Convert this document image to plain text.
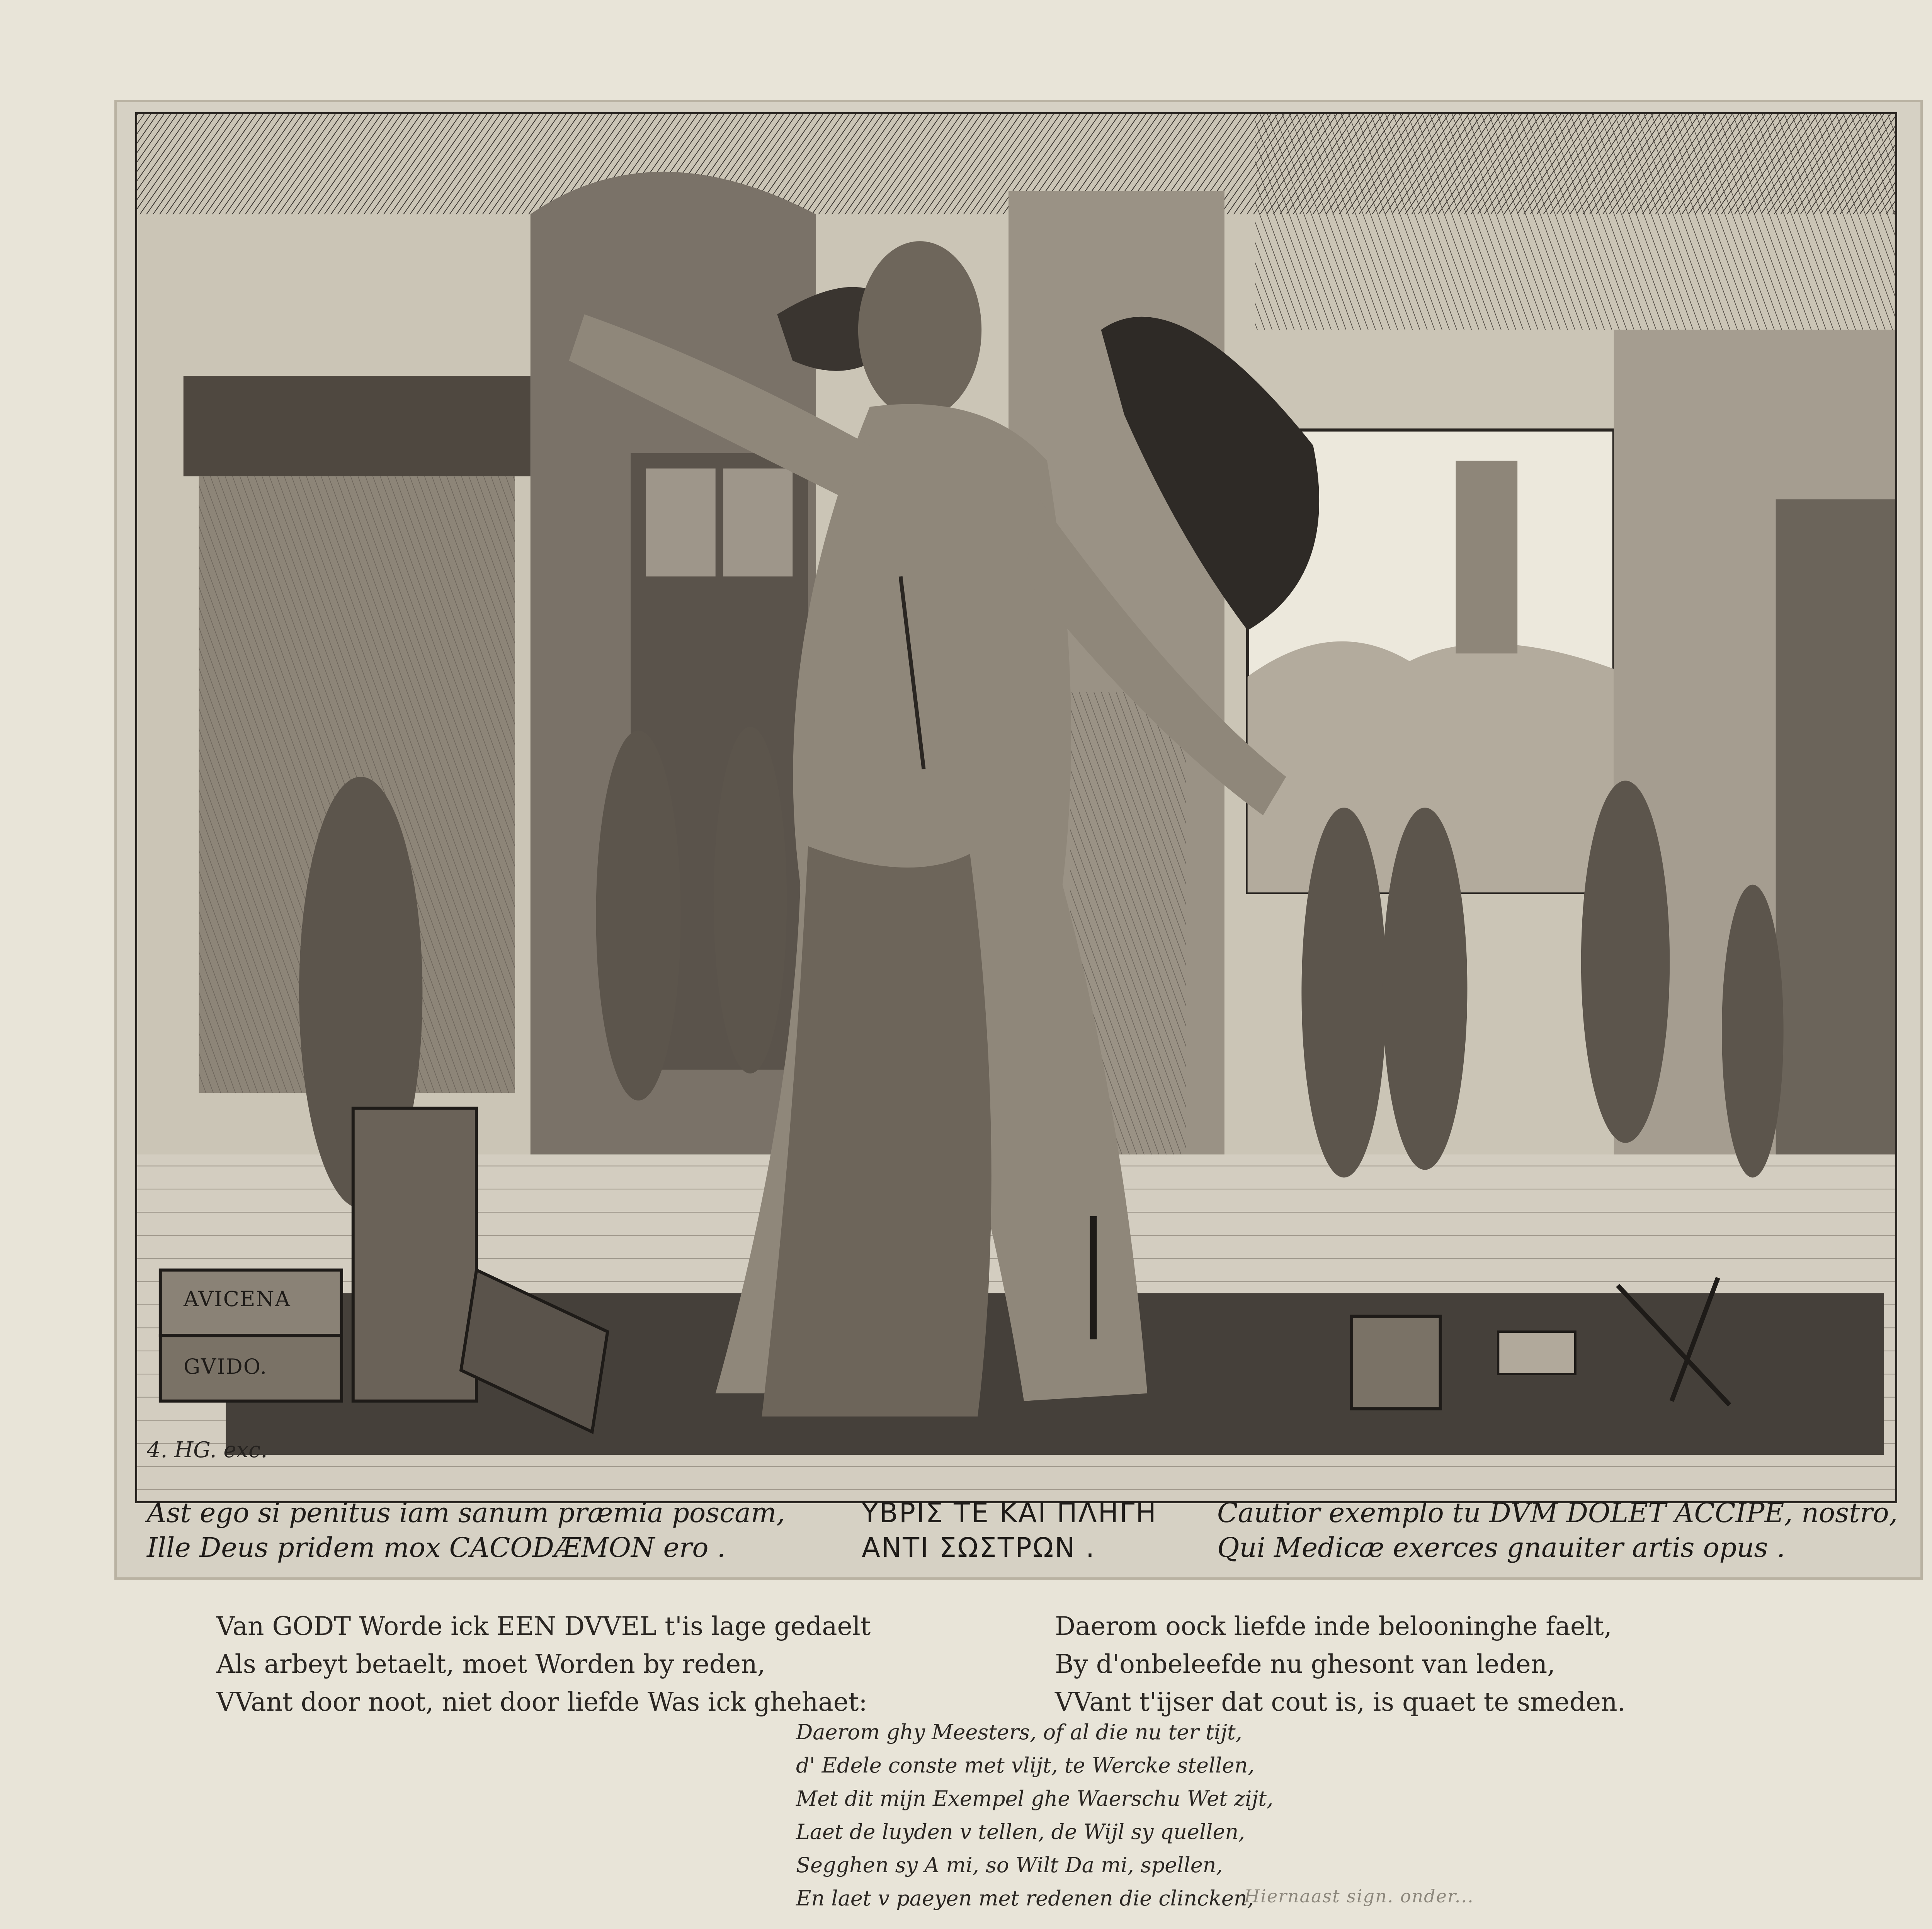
AVICENA
GVIDO.
4. HG. exc.
Ast ego si penitus iam sanum præmia poscam,
Ille Deus pridem mox CACODÆMON ero .
ΥΒΡΙΣ ΤΕ ΚΑΙ ΠΛΗΓΗ
ΑΝΤΙ ΣΩΣΤΡΩΝ .
Cautior exemplo tu DVM DOLET ACCIPE, nostro,
Qui Medicæ exerces gnauiter artis opus .
Van GODT Worde ick EEN DVVEL t'is lage gedaelt
Als arbeyt betaelt, moet Worden by reden,
VVant door noot, niet door liefde Was ick ghehaet:
Daerom oock liefde inde belooninghe faelt,
By d'onbeleefde nu ghesont van leden,
VVant t'ijser dat cout is, is quaet te smeden.
Daerom ghy Meesters, of al die nu ter tijt,
d' Edele conste met vlijt, te Wercke stellen,
Met dit mijn Exempel ghe Waerschu Wet zijt,
Laet de luyden v tellen, de Wijl sy quellen,
Segghen sy A mi, so Wilt Da mi, spellen,
En laet v paeyen met redenen die clincken,
Hiernaast sign. onder...
